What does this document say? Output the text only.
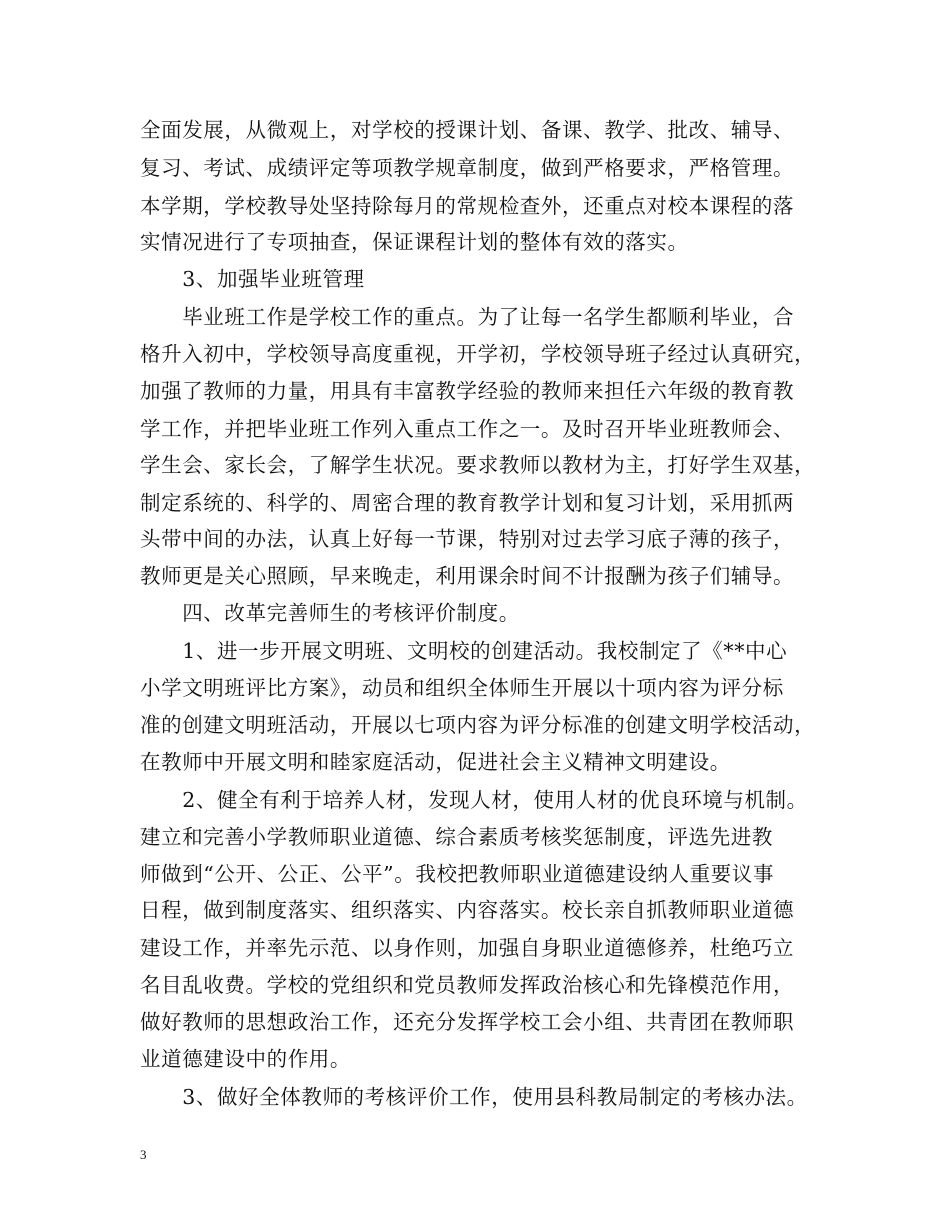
全面发展，从微观上，对学校的授课计划、备课、教学、批改、辅导、
复习、考试、成绩评定等项教学规章制度，做到严格要求，严格管理。
本学期，学校教导处坚持除每月的常规检查外，还重点对校本课程的落
实情况进行了专项抽查，保证课程计划的整体有效的落实。
　　3、加强毕业班管理
　　毕业班工作是学校工作的重点。为了让每一名学生都顺利毕业，合
格升入初中，学校领导高度重视，开学初，学校领导班子经过认真研究，
加强了教师的力量，用具有丰富教学经验的教师来担任六年级的教育教
学工作，并把毕业班工作列入重点工作之一。及时召开毕业班教师会、
学生会、家长会，了解学生状况。要求教师以教材为主，打好学生双基，
制定系统的、科学的、周密合理的教育教学计划和复习计划，采用抓两
头带中间的办法，认真上好每一节课，特别对过去学习底子薄的孩子，
教师更是关心照顾，早来晚走，利用课余时间不计报酬为孩子们辅导。
　　四、改革完善师生的考核评价制度。
　　1、进一步开展文明班、文明校的创建活动。我校制定了《**中心
小学文明班评比方案》，动员和组织全体师生开展以十项内容为评分标
准的创建文明班活动，开展以七项内容为评分标准的创建文明学校活动，
在教师中开展文明和睦家庭活动，促进社会主义精神文明建设。
　　2、健全有利于培养人材，发现人材，使用人材的优良环境与机制。
建立和完善小学教师职业道德、综合素质考核奖惩制度，评选先进教
师做到“公开、公正、公平”。我校把教师职业道德建设纳人重要议事
日程，做到制度落实、组织落实、内容落实。校长亲自抓教师职业道德
建设工作，并率先示范、以身作则，加强自身职业道德修养，杜绝巧立
名目乱收费。学校的党组织和党员教师发挥政治核心和先锋模范作用，
做好教师的思想政治工作，还充分发挥学校工会小组、共青团在教师职
业道德建设中的作用。
　　3、做好全体教师的考核评价工作，使用县科教局制定的考核办法。
3
